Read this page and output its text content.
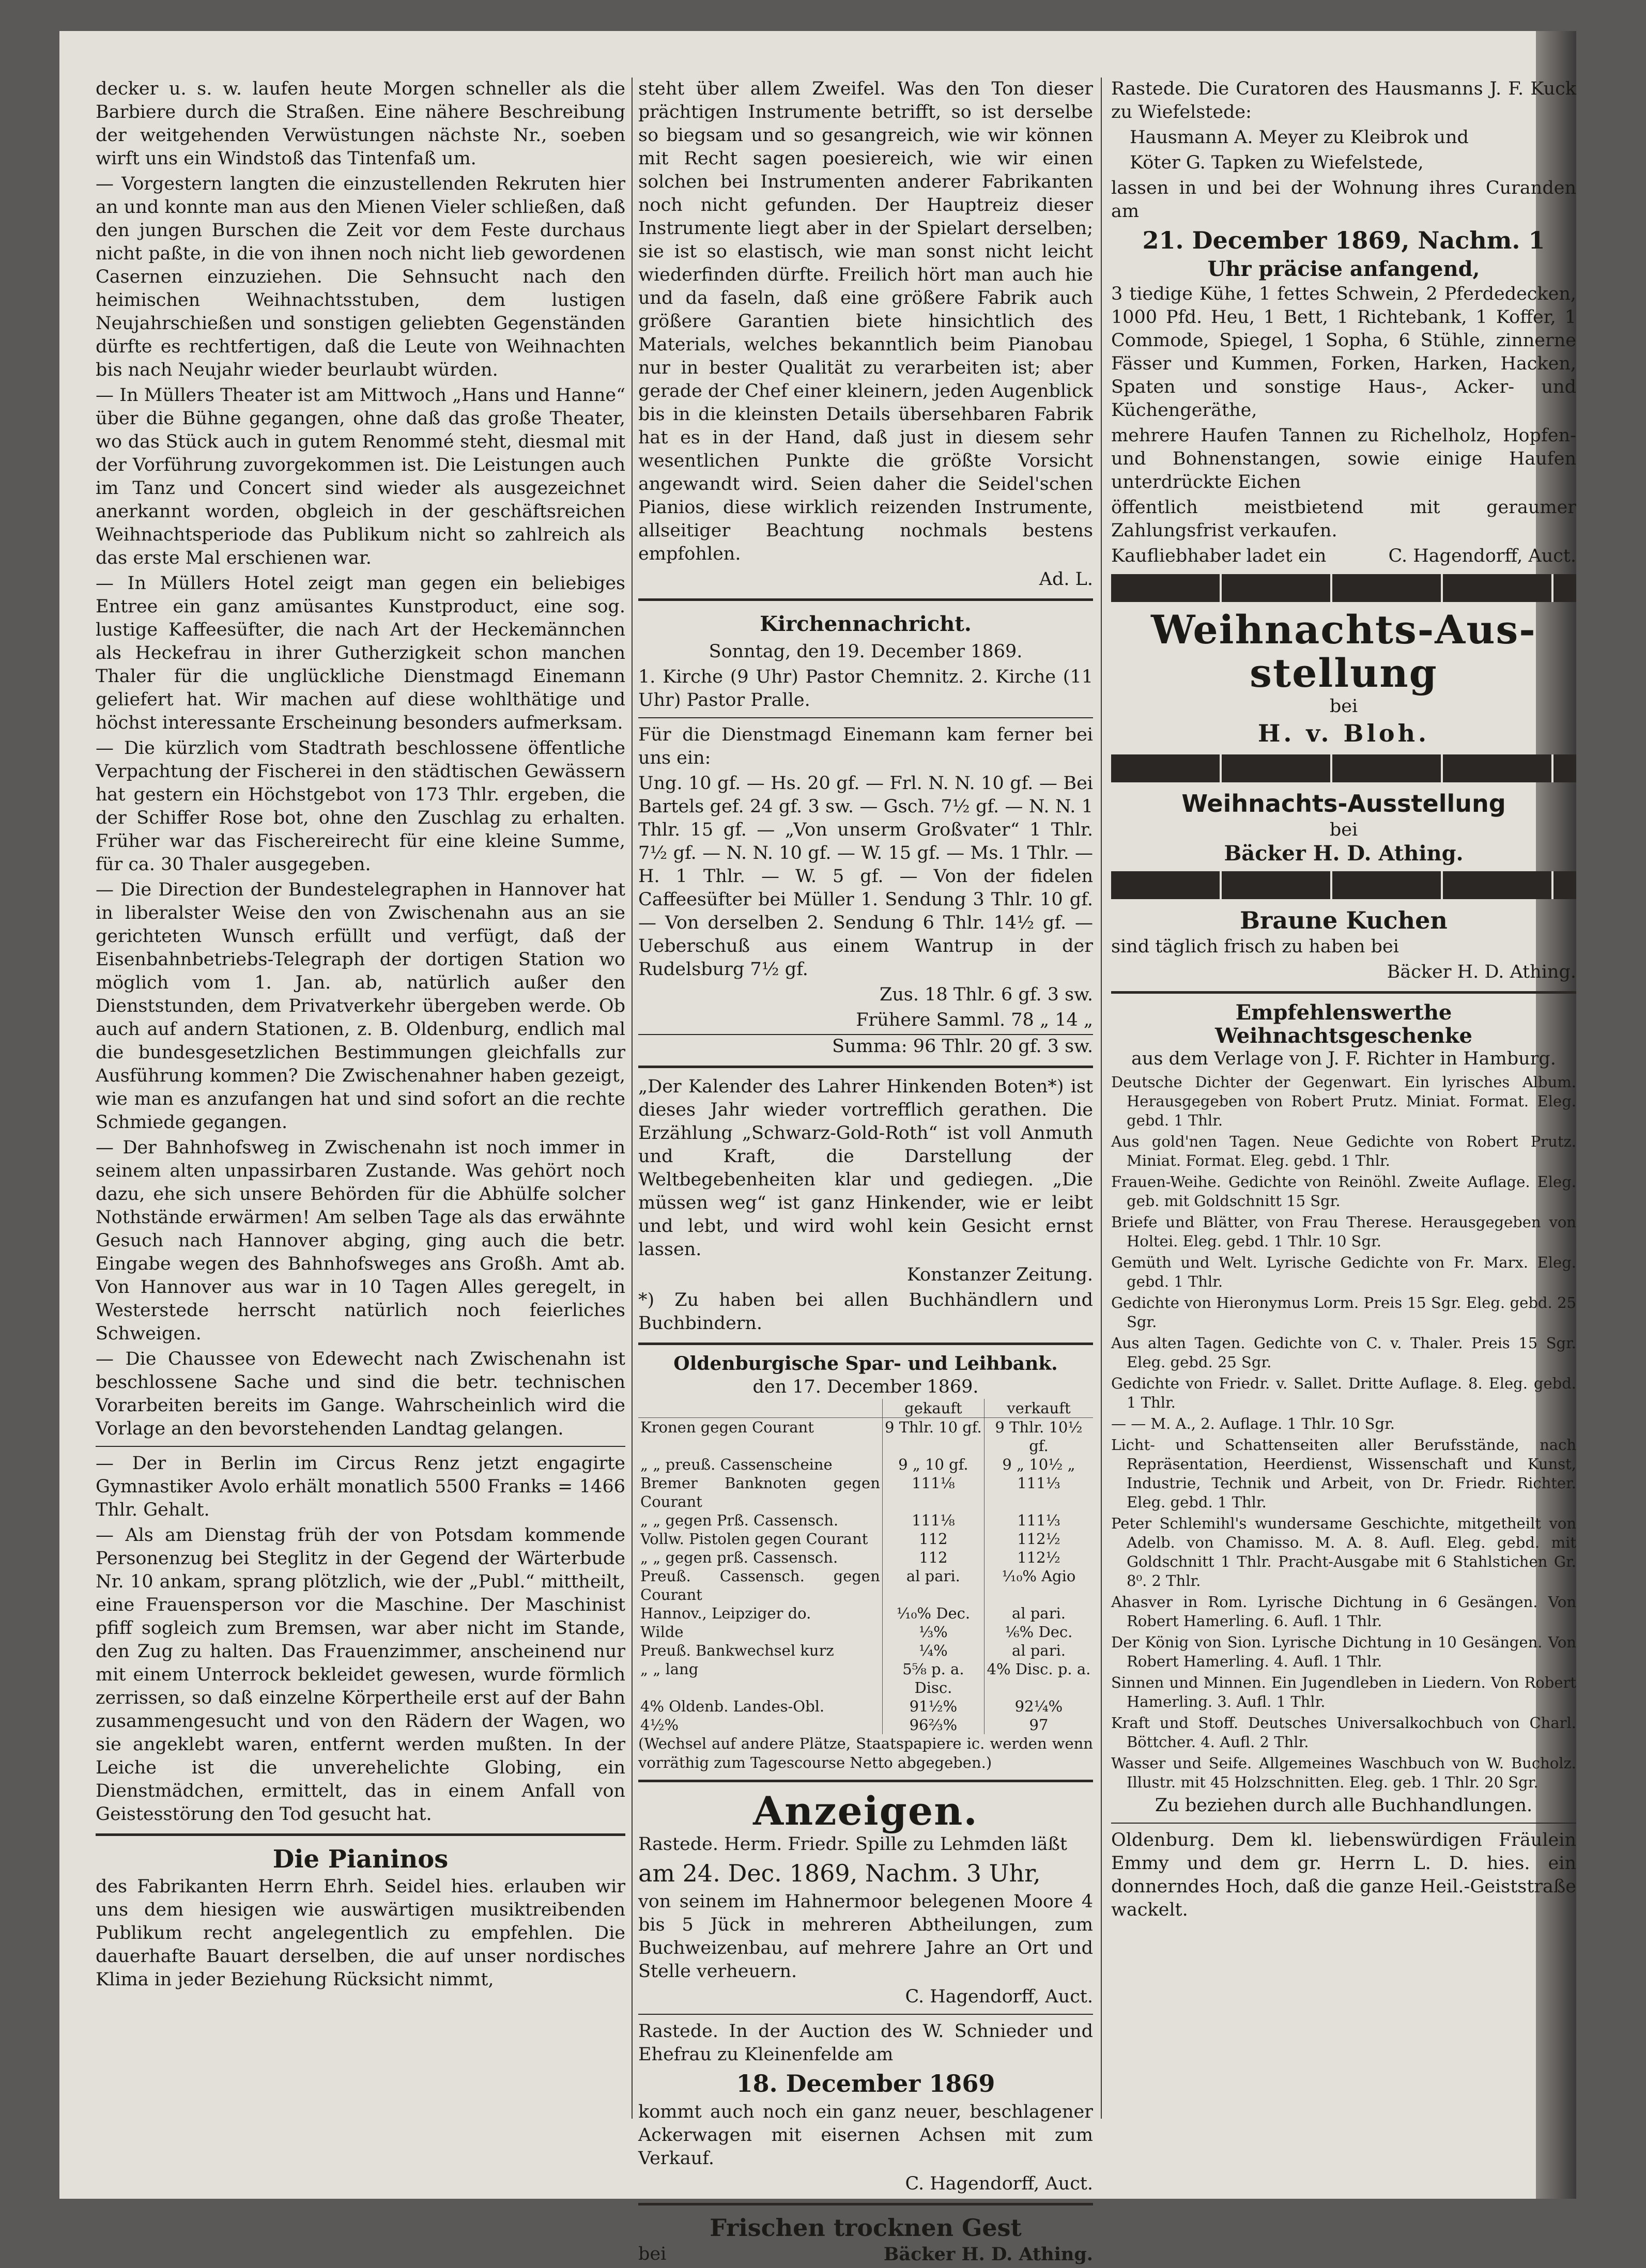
decker u. s. w. laufen heute Morgen schneller als die Barbiere durch die Straßen. Eine nähere Beschreibung der weitgehenden Verwüstungen nächste Nr., soeben wirft uns ein Windstoß das Tintenfaß um.

— Vorgestern langten die einzustellenden Rekruten hier an und konnte man aus den Mienen Vieler schließen, daß den jungen Burschen die Zeit vor dem Feste durchaus nicht paßte, in die von ihnen noch nicht lieb gewordenen Casernen einzuziehen. Die Sehnsucht nach den heimischen Weihnachtsstuben, dem lustigen Neujahrschießen und sonstigen geliebten Gegenständen dürfte es rechtfertigen, daß die Leute von Weihnachten bis nach Neujahr wieder beurlaubt würden.

— In Müllers Theater ist am Mittwoch „Hans und Hanne“ über die Bühne gegangen, ohne daß das große Theater, wo das Stück auch in gutem Renommé steht, diesmal mit der Vorführung zuvorgekommen ist. Die Leistungen auch im Tanz und Concert sind wieder als ausgezeichnet anerkannt worden, obgleich in der geschäftsreichen Weihnachtsperiode das Publikum nicht so zahlreich als das erste Mal erschienen war.

— In Müllers Hotel zeigt man gegen ein beliebiges Entree ein ganz amüsantes Kunstproduct, eine sog. lustige Kaffeesüfter, die nach Art der Heckemännchen als Heckefrau in ihrer Gutherzigkeit schon manchen Thaler für die unglückliche Dienstmagd Einemann geliefert hat. Wir machen auf diese wohlthätige und höchst interessante Erscheinung besonders aufmerksam.

— Die kürzlich vom Stadtrath beschlossene öffentliche Verpachtung der Fischerei in den städtischen Gewässern hat gestern ein Höchstgebot von 173 Thlr. ergeben, die der Schiffer Rose bot, ohne den Zuschlag zu erhalten. Früher war das Fischereirecht für eine kleine Summe, für ca. 30 Thaler ausgegeben.

— Die Direction der Bundestelegraphen in Hannover hat in liberalster Weise den von Zwischenahn aus an sie gerichteten Wunsch erfüllt und verfügt, daß der Eisenbahnbetriebs-Telegraph der dortigen Station wo möglich vom 1. Jan. ab, natürlich außer den Dienststunden, dem Privatverkehr übergeben werde. Ob auch auf andern Stationen, z. B. Oldenburg, endlich mal die bundesgesetzlichen Bestimmungen gleichfalls zur Ausführung kommen? Die Zwischenahner haben gezeigt, wie man es anzufangen hat und sind sofort an die rechte Schmiede gegangen.

— Der Bahnhofsweg in Zwischenahn ist noch immer in seinem alten unpassirbaren Zustande. Was gehört noch dazu, ehe sich unsere Behörden für die Abhülfe solcher Nothstände erwärmen! Am selben Tage als das erwähnte Gesuch nach Hannover abging, ging auch die betr. Eingabe wegen des Bahnhofsweges ans Großh. Amt ab. Von Hannover aus war in 10 Tagen Alles geregelt, in Westerstede herrscht natürlich noch feierliches Schweigen.

— Die Chaussee von Edewecht nach Zwischenahn ist beschlossene Sache und sind die betr. technischen Vorarbeiten bereits im Gange. Wahrscheinlich wird die Vorlage an den bevorstehenden Landtag gelangen.

— Der in Berlin im Circus Renz jetzt engagirte Gymnastiker Avolo erhält monatlich 5500 Franks = 1466 Thlr. Gehalt.

— Als am Dienstag früh der von Potsdam kommende Personenzug bei Steglitz in der Gegend der Wärterbude Nr. 10 ankam, sprang plötzlich, wie der „Publ.“ mittheilt, eine Frauensperson vor die Maschine. Der Maschinist pfiff sogleich zum Bremsen, war aber nicht im Stande, den Zug zu halten. Das Frauenzimmer, anscheinend nur mit einem Unterrock bekleidet gewesen, wurde förmlich zerrissen, so daß einzelne Körpertheile erst auf der Bahn zusammengesucht und von den Rädern der Wagen, wo sie angeklebt waren, entfernt werden mußten. In der Leiche ist die unverehelichte Globing, ein Dienstmädchen, ermittelt, das in einem Anfall von Geistesstörung den Tod gesucht hat.

Die Pianinos

des Fabrikanten Herrn Ehrh. Seidel hies. erlauben wir uns dem hiesigen wie auswärtigen musiktreibenden Publikum recht angelegentlich zu empfehlen. Die dauerhafte Bauart derselben, die auf unser nordisches Klima in jeder Beziehung Rücksicht nimmt,

steht über allem Zweifel. Was den Ton dieser prächtigen Instrumente betrifft, so ist derselbe so biegsam und so gesangreich, wie wir können mit Recht sagen poesiereich, wie wir einen solchen bei Instrumenten anderer Fabrikanten noch nicht gefunden. Der Hauptreiz dieser Instrumente liegt aber in der Spielart derselben; sie ist so elastisch, wie man sonst nicht leicht wiederfinden dürfte. Freilich hört man auch hie und da faseln, daß eine größere Fabrik auch größere Garantien biete hinsichtlich des Materials, welches bekanntlich beim Pianobau nur in bester Qualität zu verarbeiten ist; aber gerade der Chef einer kleinern, jeden Augenblick bis in die kleinsten Details übersehbaren Fabrik hat es in der Hand, daß just in diesem sehr wesentlichen Punkte die größte Vorsicht angewandt wird. Seien daher die Seidel'schen Pianios, diese wirklich reizenden Instrumente, allseitiger Beachtung nochmals bestens empfohlen.

Ad. L.

Kirchennachricht.

Sonntag, den 19. December 1869.

1. Kirche (9 Uhr) Pastor Chemnitz. 2. Kirche (11 Uhr) Pastor Pralle.

Für die Dienstmagd Einemann kam ferner bei uns ein:

Ung. 10 gf. — Hs. 20 gf. — Frl. N. N. 10 gf. — Bei Bartels gef. 24 gf. 3 sw. — Gsch. 7½ gf. — N. N. 1 Thlr. 15 gf. — „Von unserm Großvater“ 1 Thlr. 7½ gf. — N. N. 10 gf. — W. 15 gf. — Ms. 1 Thlr. — H. 1 Thlr. — W. 5 gf. — Von der fidelen Caffeesüfter bei Müller 1. Sendung 3 Thlr. 10 gf. — Von derselben 2. Sendung 6 Thlr. 14½ gf. — Ueberschuß aus einem Wantrup in der Rudelsburg 7½ gf.

Zus. 18 Thlr. 6 gf. 3 sw.

Frühere Samml. 78 „ 14 „

Summa: 96 Thlr. 20 gf. 3 sw.

„Der Kalender des Lahrer Hinkenden Boten*) ist dieses Jahr wieder vortrefflich gerathen. Die Erzählung „Schwarz-Gold-Roth“ ist voll Anmuth und Kraft, die Darstellung der Weltbegebenheiten klar und gediegen. „Die müssen weg“ ist ganz Hinkender, wie er leibt und lebt, und wird wohl kein Gesicht ernst lassen.

Konstanzer Zeitung.

*) Zu haben bei allen Buchhändlern und Buchbindern.

Oldenburgische Spar- und Leihbank.
den 17. December 1869.
	gekauft	verkauft
Kronen gegen Courant	9 Thlr. 10 gf.	9 Thlr. 10½ gf.
„ „ preuß. Cassenscheine	9 „ 10 gf.	9 „ 10½ „
Bremer Banknoten gegen Courant	111⅛	111⅓
„ „ gegen Prß. Cassensch.	111⅛	111⅓
Vollw. Pistolen gegen Courant	112	112½
„ „ gegen prß. Cassensch.	112	112½
Preuß. Cassensch. gegen Courant	al pari.	¹⁄₁₀% Agio
Hannov., Leipziger do.	¹⁄₁₀% Dec.	al pari.
Wilde	⅓%	⅙% Dec.
Preuß. Bankwechsel kurz	¼%	al pari.
„ „ lang	5⅝ p. a. Disc.	4% Disc. p. a.
4% Oldenb. Landes-Obl.	91½%	92¼%
4½%	96⅔%	97

(Wechsel auf andere Plätze, Staatspapiere ic. werden wenn vorräthig zum Tagescourse Netto abgegeben.)

Anzeigen.

Rastede. Herm. Friedr. Spille zu Lehmden läßt

am 24. Dec. 1869, Nachm. 3 Uhr,

von seinem im Hahnermoor belegenen Moore 4 bis 5 Jück in mehreren Abtheilungen, zum Buchweizenbau, auf mehrere Jahre an Ort und Stelle verheuern.

C. Hagendorff, Auct.

Rastede. In der Auction des W. Schnieder und Ehefrau zu Kleinenfelde am

18. December 1869

kommt auch noch ein ganz neuer, beschlagener Ackerwagen mit eisernen Achsen mit zum Verkauf.

C. Hagendorff, Auct.

Frischen trocknen Gest

bei	Bäcker H. D. Athing.

Rastede. Die Curatoren des Hausmanns J. F. Kuck zu Wiefelstede:

Hausmann A. Meyer zu Kleibrok und

Köter G. Tapken zu Wiefelstede,

lassen in und bei der Wohnung ihres Curanden am

21. December 1869, Nachm. 1

Uhr präcise anfangend,

3 tiedige Kühe, 1 fettes Schwein, 2 Pferdedecken, 1000 Pfd. Heu, 1 Bett, 1 Richtebank, 1 Koffer, 1 Commode, Spiegel, 1 Sopha, 6 Stühle, zinnerne Fässer und Kummen, Forken, Harken, Hacken, Spaten und sonstige Haus-, Acker- und Küchengeräthe,

mehrere Haufen Tannen zu Richelholz, Hopfen- und Bohnenstangen, sowie einige Haufen unterdrückte Eichen

öffentlich meistbietend mit geraumer Zahlungsfrist verkaufen.

Kaufliebhaber ladet ein	C. Hagendorff, Auct.

Weihnachts-Aus-
stellung
bei
H. v. Bloh.
Weihnachts-Ausstellung
bei
Bäcker H. D. Athing.
Braune Kuchen

sind täglich frisch zu haben bei

Bäcker H. D. Athing.

Empfehlenswerthe Weihnachtsgeschenke

aus dem Verlage von J. F. Richter in Hamburg.

Deutsche Dichter der Gegenwart. Ein lyrisches Album. Herausgegeben von Robert Prutz. Miniat. Format. Eleg. gebd. 1 Thlr.

Aus gold'nen Tagen. Neue Gedichte von Robert Prutz. Miniat. Format. Eleg. gebd. 1 Thlr.

Frauen-Weihe. Gedichte von Reinöhl. Zweite Auflage. Eleg. geb. mit Goldschnitt 15 Sgr.

Briefe und Blätter, von Frau Therese. Herausgegeben von Holtei. Eleg. gebd. 1 Thlr. 10 Sgr.

Gemüth und Welt. Lyrische Gedichte von Fr. Marx. Eleg. gebd. 1 Thlr.

Gedichte von Hieronymus Lorm. Preis 15 Sgr. Eleg. gebd. 25 Sgr.

Aus alten Tagen. Gedichte von C. v. Thaler. Preis 15 Sgr. Eleg. gebd. 25 Sgr.

Gedichte von Friedr. v. Sallet. Dritte Auflage. 8. Eleg. gebd. 1 Thlr.

— — M. A., 2. Auflage. 1 Thlr. 10 Sgr.

Licht- und Schattenseiten aller Berufsstände, nach Repräsentation, Heerdienst, Wissenschaft und Kunst, Industrie, Technik und Arbeit, von Dr. Friedr. Richter. Eleg. gebd. 1 Thlr.

Peter Schlemihl's wundersame Geschichte, mitgetheilt von Adelb. von Chamisso. M. A. 8. Aufl. Eleg. gebd. mit Goldschnitt 1 Thlr. Pracht-Ausgabe mit 6 Stahlstichen Gr. 8⁰. 2 Thlr.

Ahasver in Rom. Lyrische Dichtung in 6 Gesängen. Von Robert Hamerling. 6. Aufl. 1 Thlr.

Der König von Sion. Lyrische Dichtung in 10 Gesängen. Von Robert Hamerling. 4. Aufl. 1 Thlr.

Sinnen und Minnen. Ein Jugendleben in Liedern. Von Robert Hamerling. 3. Aufl. 1 Thlr.

Kraft und Stoff. Deutsches Universalkochbuch von Charl. Böttcher. 4. Aufl. 2 Thlr.

Wasser und Seife. Allgemeines Waschbuch von W. Bucholz. Illustr. mit 45 Holzschnitten. Eleg. geb. 1 Thlr. 20 Sgr.

Zu beziehen durch alle Buchhandlungen.

Oldenburg. Dem kl. liebenswürdigen Fräulein Emmy und dem gr. Herrn L. D. hies. ein donnerndes Hoch, daß die ganze Heil.-Geiststraße wackelt.
